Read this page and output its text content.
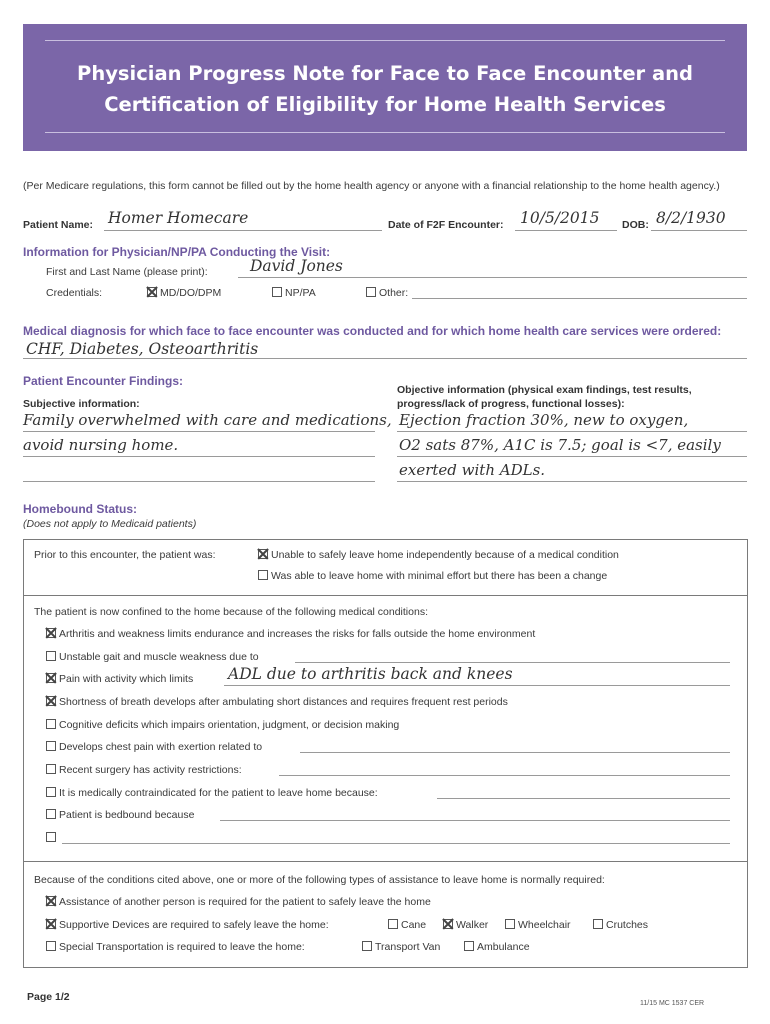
Physician Progress Note for Face to Face Encounter and
Certification of Eligibility for Home Health Services
(Per Medicare regulations, this form cannot be filled out by the home health agency or anyone with a financial relationship to the home health agency.)
Patient Name: Homer Homecare	Date of F2F Encounter: 10/5/2015 DOB: 8/2/1930
Information for Physician/NP/PA Conducting the Visit:
First and Last Name (please print):	David Jones
Credentials:	MD/DO/DPM	NP/PA	Other:
Medical diagnosis for which face to face encounter was conducted and for which home health care services were ordered:
CHF, Diabetes, Osteoarthritis
Patient Encounter Findings:
Subjective information:
Family overwhelmed with care and medications,
avoid nursing home.
Objective information (physical exam findings, test results,
progress/lack of progress, functional losses):
Ejection fraction 30%, new to oxygen,
O2 sats 87%, A1C is 7.5; goal is <7, easily
exerted with ADLs.
Homebound Status:
(Does not apply to Medicaid patients)
Prior to this encounter, the patient was:	Unable to safely leave home independently because of a medical condition
Was able to leave home with minimal effort but there has been a change
The patient is now confined to the home because of the following medical conditions:
Arthritis and weakness limits endurance and increases the risks for falls outside the home environment
Unstable gait and muscle weakness due to
Pain with activity which limits ADL due to arthritis back and knees
Shortness of breath develops after ambulating short distances and requires frequent rest periods
Cognitive deficits which impairs orientation, judgment, or decision making
Develops chest pain with exertion related to
Recent surgery has activity restrictions:
It is medically contraindicated for the patient to leave home because:
Patient is bedbound because
Because of the conditions cited above, one or more of the following types of assistance to leave home is normally required:
Assistance of another person is required for the patient to safely leave the home
Supportive Devices are required to safely leave the home:	Cane	Walker	Wheelchair	Crutches
Special Transportation is required to leave the home:	Transport Van	Ambulance
Page 1/2
11/15 MC 1537 CER
